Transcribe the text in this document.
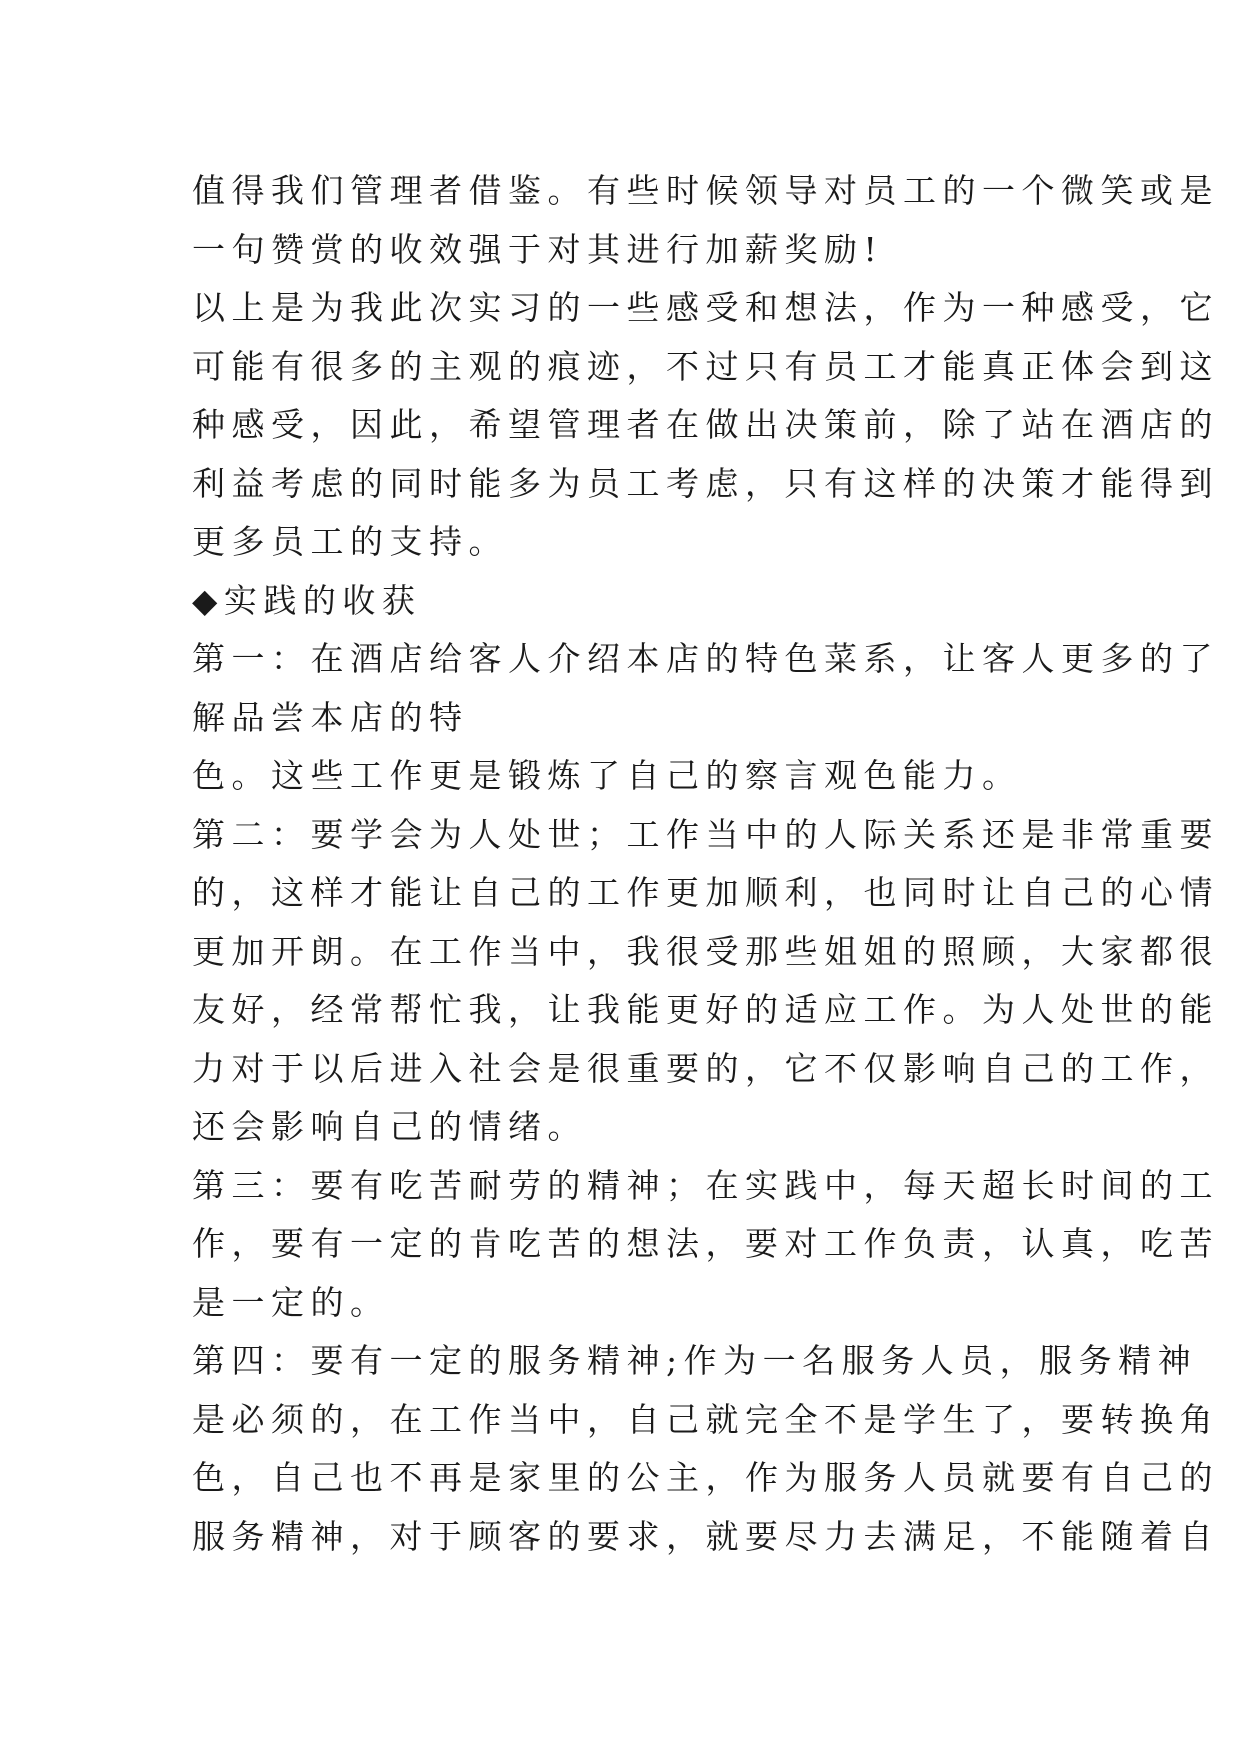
值得我们管理者借鉴。有些时候领导对员工的一个微笑或是
一句赞赏的收效强于对其进行加薪奖励!
以上是为我此次实习的一些感受和想法，作为一种感受，它
可能有很多的主观的痕迹，不过只有员工才能真正体会到这
种感受，因此，希望管理者在做出决策前，除了站在酒店的
利益考虑的同时能多为员工考虑，只有这样的决策才能得到
更多员工的支持。
◆实践的收获
第一：在酒店给客人介绍本店的特色菜系，让客人更多的了
解品尝本店的特
色。这些工作更是锻炼了自己的察言观色能力。
第二：要学会为人处世；工作当中的人际关系还是非常重要
的，这样才能让自己的工作更加顺利，也同时让自己的心情
更加开朗。在工作当中，我很受那些姐姐的照顾，大家都很
友好，经常帮忙我，让我能更好的适应工作。为人处世的能
力对于以后进入社会是很重要的，它不仅影响自己的工作，
还会影响自己的情绪。
第三：要有吃苦耐劳的精神；在实践中，每天超长时间的工
作，要有一定的肯吃苦的想法，要对工作负责，认真，吃苦
是一定的。
第四：要有一定的服务精神;作为一名服务人员，服务精神
是必须的，在工作当中，自己就完全不是学生了，要转换角
色，自己也不再是家里的公主，作为服务人员就要有自己的
服务精神，对于顾客的要求，就要尽力去满足，不能随着自
